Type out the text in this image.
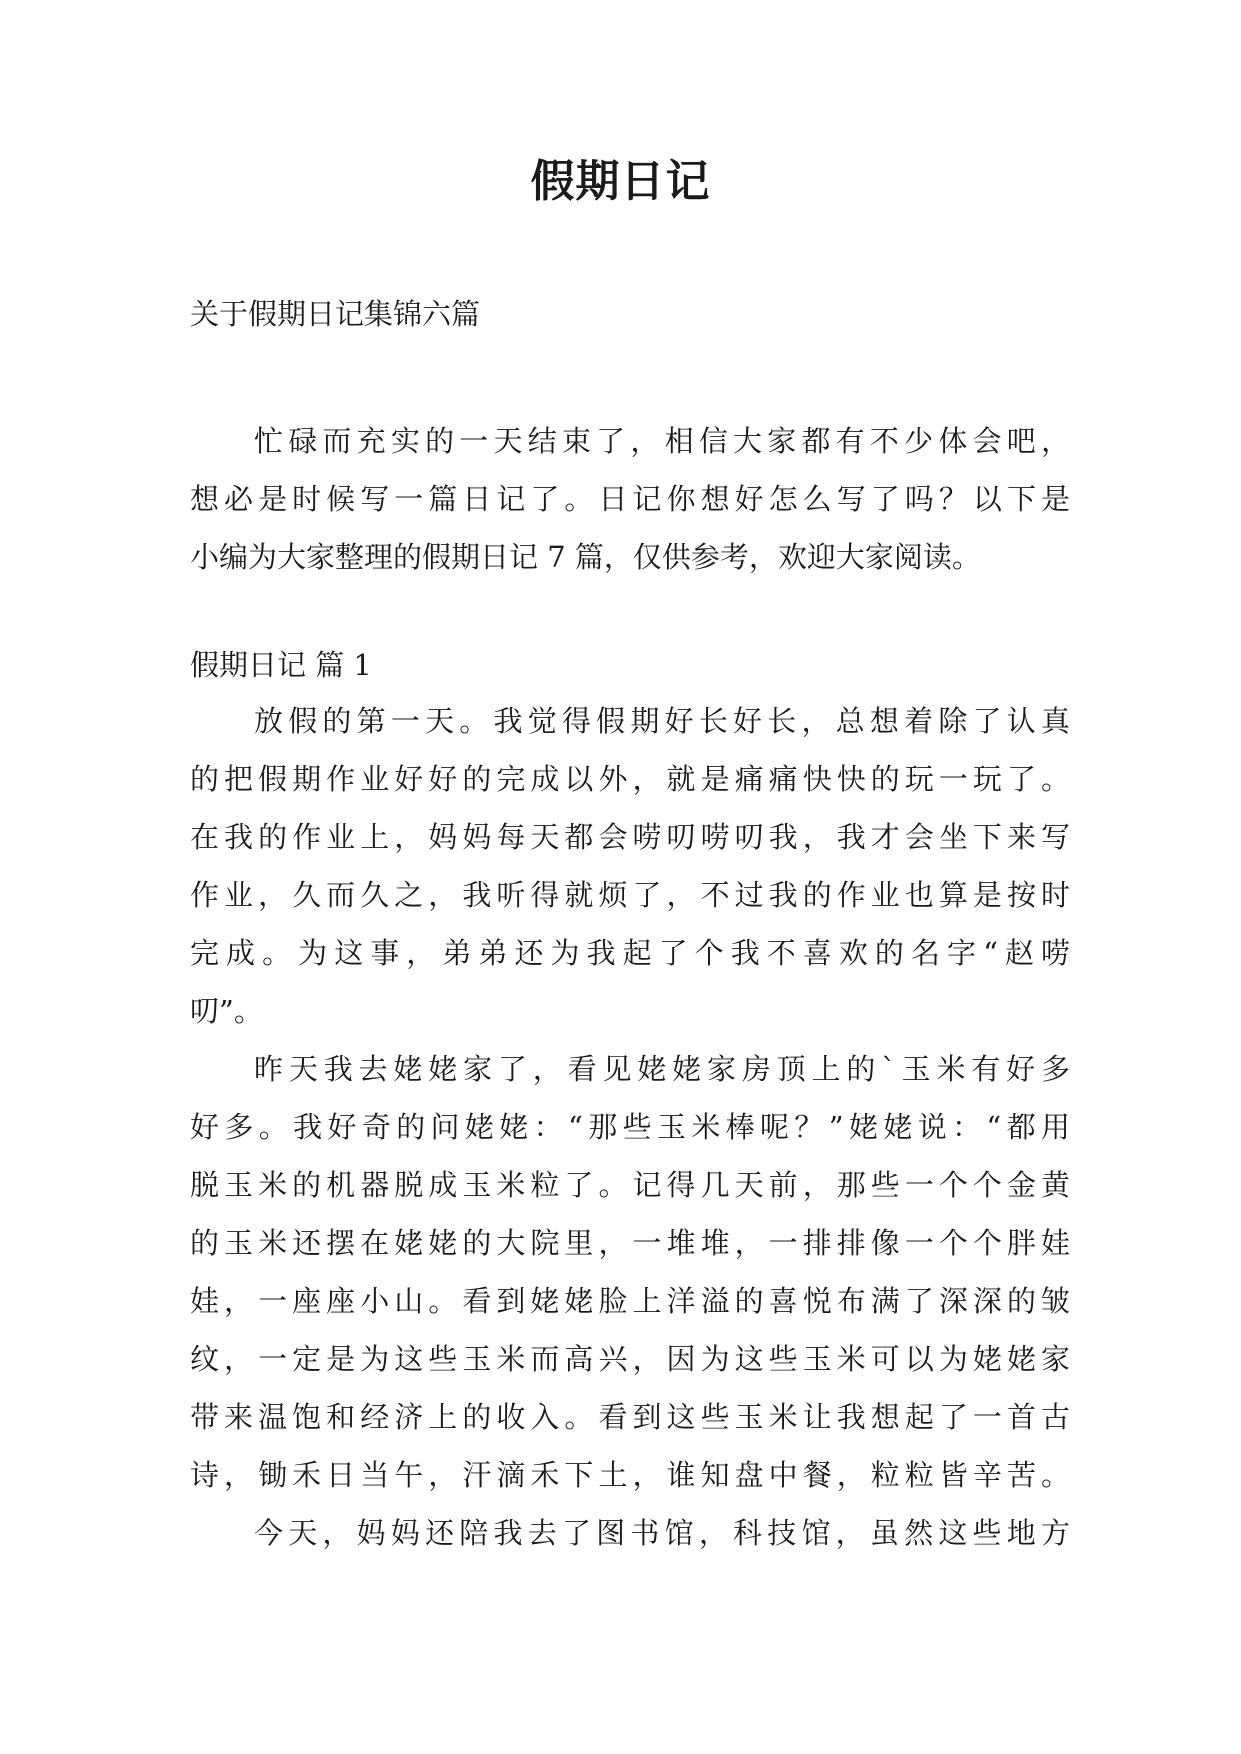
假期日记
关于假期日记集锦六篇
忙碌而充实的一天结束了，相信大家都有不少体会吧，
想必是时候写一篇日记了。日记你想好怎么写了吗？以下是
小编为大家整理的假期日记 7 篇，仅供参考，欢迎大家阅读。
假期日记 篇 1
放假的第一天。我觉得假期好长好长，总想着除了认真
的把假期作业好好的完成以外，就是痛痛快快的玩一玩了。
在我的作业上，妈妈每天都会唠叨唠叨我，我才会坐下来写
作业，久而久之，我听得就烦了，不过我的作业也算是按时
完成。为这事，弟弟还为我起了个我不喜欢的名字“赵唠
叨”。
昨天我去姥姥家了，看见姥姥家房顶上的`玉米有好多
好多。我好奇的问姥姥：“那些玉米棒呢？”姥姥说：“都用
脱玉米的机器脱成玉米粒了。记得几天前，那些一个个金黄
的玉米还摆在姥姥的大院里，一堆堆，一排排像一个个胖娃
娃，一座座小山。看到姥姥脸上洋溢的喜悦布满了深深的皱
纹，一定是为这些玉米而高兴，因为这些玉米可以为姥姥家
带来温饱和经济上的收入。看到这些玉米让我想起了一首古
诗，锄禾日当午，汗滴禾下土，谁知盘中餐，粒粒皆辛苦。
今天，妈妈还陪我去了图书馆，科技馆，虽然这些地方
